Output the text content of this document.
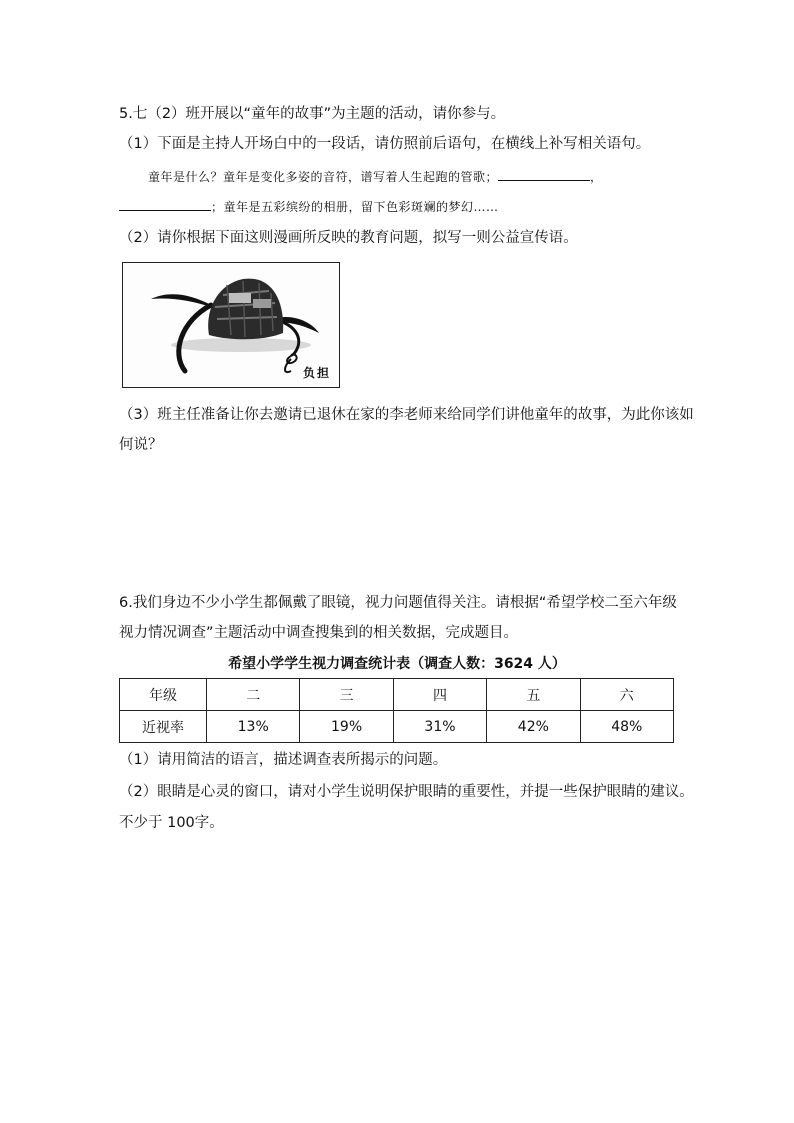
5.七（2）班开展以“童年的故事”为主题的活动，请你参与。
（1）下面是主持人开场白中的一段话，请仿照前后语句，在横线上补写相关语句。
童年是什么？童年是变化多姿的音符，谱写着人生起跑的管歌；	，
；童年是五彩缤纷的相册，留下色彩斑斓的梦幻……
（2）请你根据下面这则漫画所反映的教育问题，拟写一则公益宣传语。
负担
（3）班主任准备让你去邀请已退休在家的李老师来给同学们讲他童年的故事，为此你该如
何说？
6.我们身边不少小学生都佩戴了眼镜，视力问题值得关注。请根据“希望学校二至六年级
视力情况调查”主题活动中调查搜集到的相关数据，完成题目。
希望小学学生视力调查统计表（调查人数：3624 人）
年级	二	三	四	五	六
近视率	13%	19%	31%	42%	48%
（1）请用简洁的语言，描述调查表所揭示的问题。
（2）眼睛是心灵的窗口，请对小学生说明保护眼睛的重要性，并提一些保护眼睛的建议。
不少于 100字。
